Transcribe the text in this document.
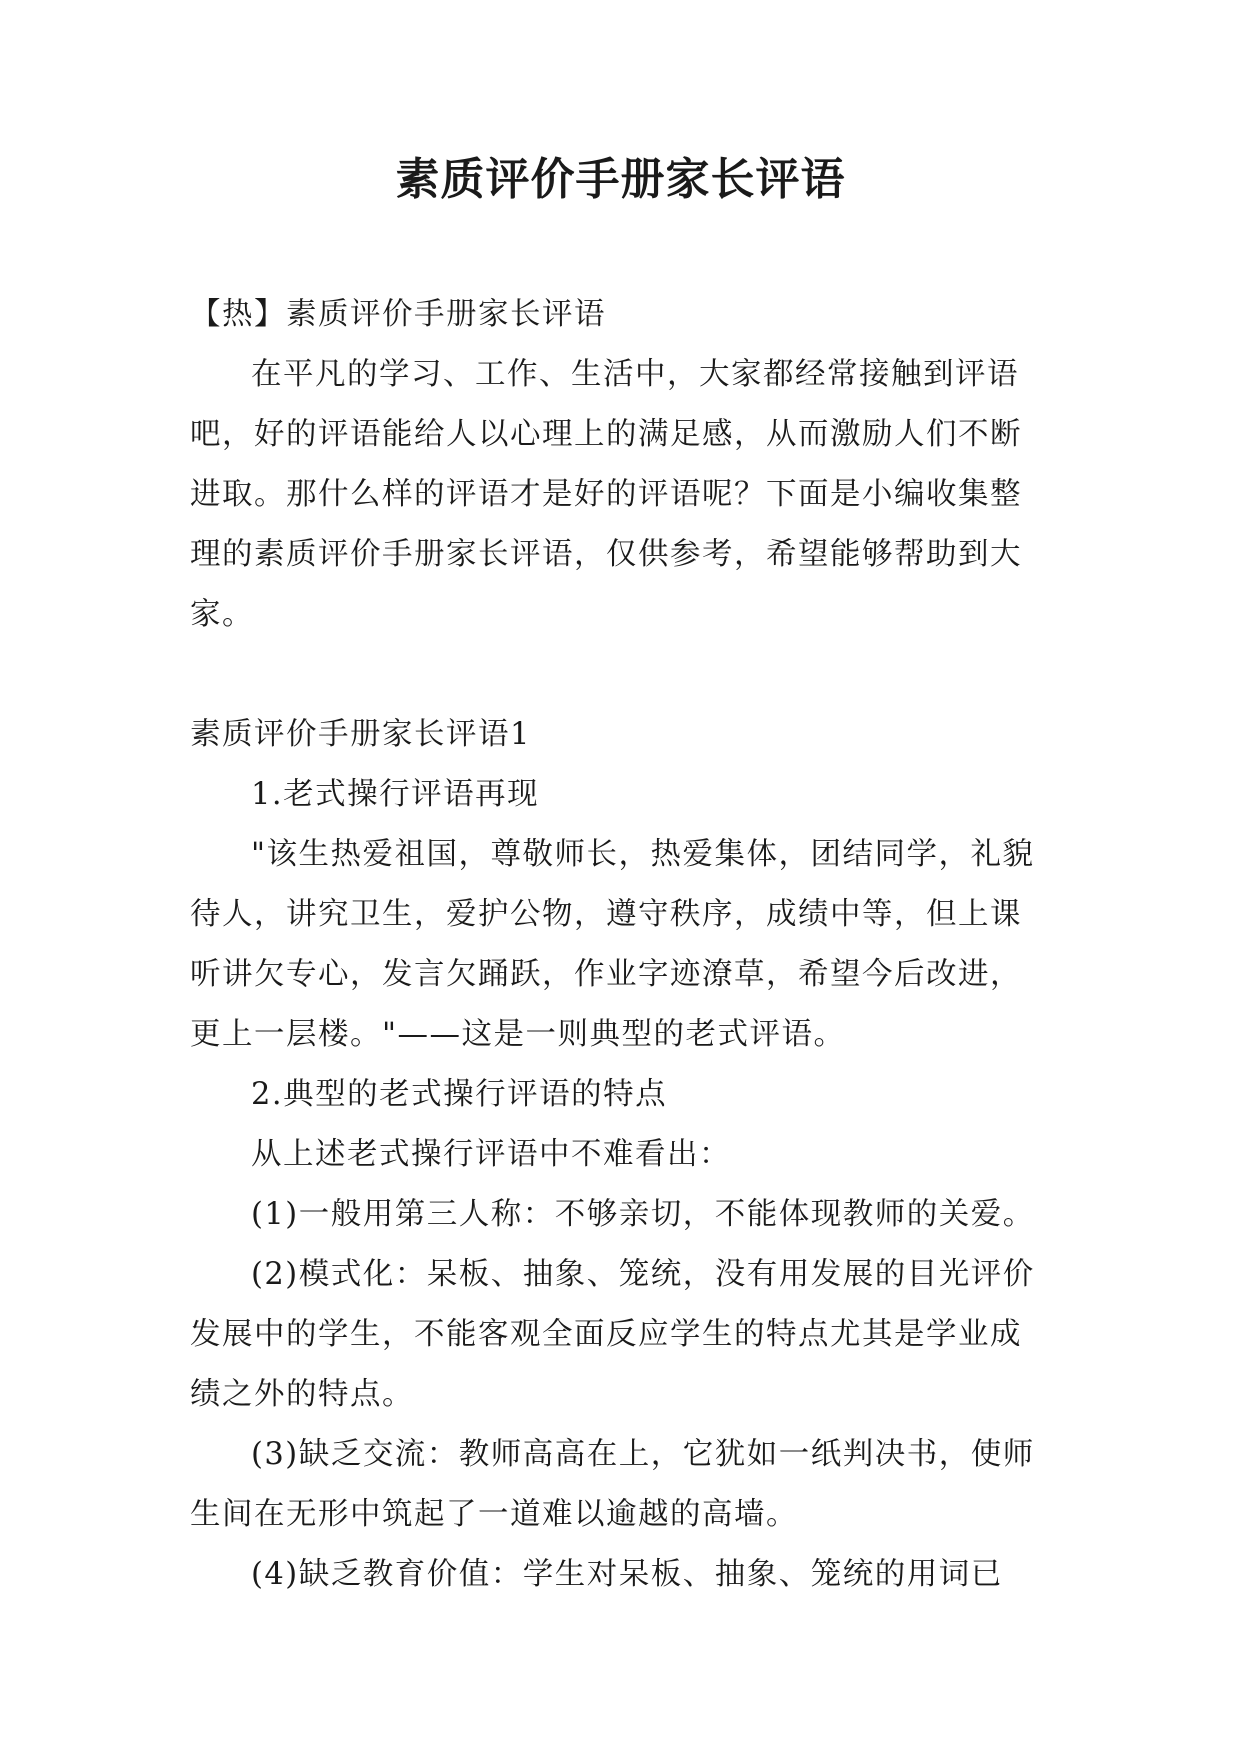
素质评价手册家长评语

【热】素质评价手册家长评语

在平凡的学习、工作、生活中，大家都经常接触到评语吧，好的评语能给人以心理上的满足感，从而激励人们不断进取。那什么样的评语才是好的评语呢？下面是小编收集整理的素质评价手册家长评语，仅供参考，希望能够帮助到大家。

素质评价手册家长评语1

1.老式操行评语再现

"该生热爱祖国，尊敬师长，热爱集体，团结同学，礼貌待人，讲究卫生，爱护公物，遵守秩序，成绩中等，但上课听讲欠专心，发言欠踊跃，作业字迹潦草，希望今后改进，更上一层楼。"——这是一则典型的老式评语。

2.典型的老式操行评语的特点

从上述老式操行评语中不难看出：

(1)一般用第三人称：不够亲切，不能体现教师的关爱。

(2)模式化：呆板、抽象、笼统，没有用发展的目光评价发展中的学生，不能客观全面反应学生的特点尤其是学业成绩之外的特点。

(3)缺乏交流：教师高高在上，它犹如一纸判决书，使师生间在无形中筑起了一道难以逾越的高墙。

(4)缺乏教育价值：学生对呆板、抽象、笼统的用词已
